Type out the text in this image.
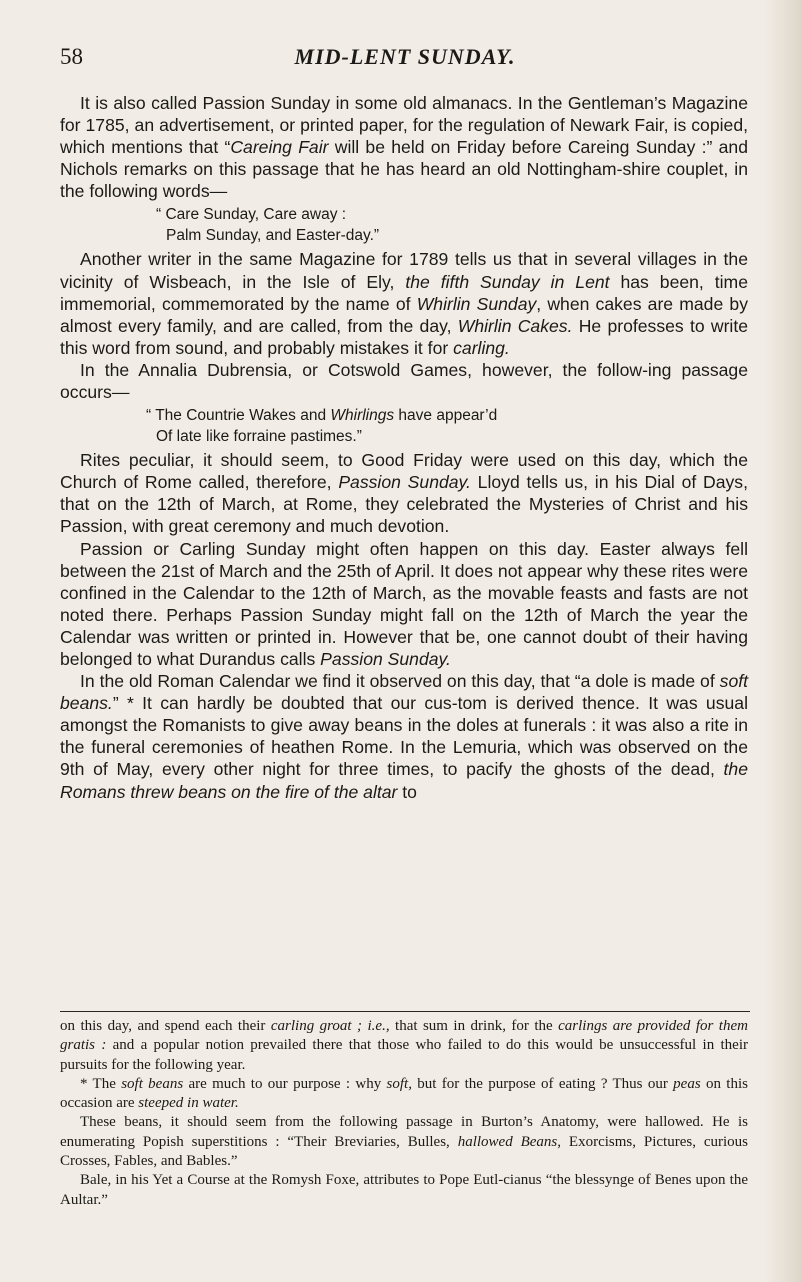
58	MID-LENT SUNDAY.

It is also called Passion Sunday in some old almanacs. In the Gentleman’s Magazine for 1785, an advertisement, or printed paper, for the regulation of Newark Fair, is copied, which mentions that “Careing Fair will be held on Friday before Careing Sunday :” and Nichols remarks on this passage that he has heard an old Nottingham-shire couplet, in the following words—

“ Care Sunday, Care away :
Palm Sunday, and Easter-day.”

Another writer in the same Magazine for 1789 tells us that in several villages in the vicinity of Wisbeach, in the Isle of Ely, the fifth Sunday in Lent has been, time immemorial, commemorated by the name of Whirlin Sunday, when cakes are made by almost every family, and are called, from the day, Whirlin Cakes. He professes to write this word from sound, and probably mistakes it for carling.

In the Annalia Dubrensia, or Cotswold Games, however, the follow-ing passage occurs—

“ The Countrie Wakes and Whirlings have appear’d
Of late like forraine pastimes.”

Rites peculiar, it should seem, to Good Friday were used on this day, which the Church of Rome called, therefore, Passion Sunday. Lloyd tells us, in his Dial of Days, that on the 12th of March, at Rome, they celebrated the Mysteries of Christ and his Passion, with great ceremony and much devotion.

Passion or Carling Sunday might often happen on this day. Easter always fell between the 21st of March and the 25th of April. It does not appear why these rites were confined in the Calendar to the 12th of March, as the movable feasts and fasts are not noted there. Perhaps Passion Sunday might fall on the 12th of March the year the Calendar was written or printed in. However that be, one cannot doubt of their having belonged to what Durandus calls Passion Sunday.

In the old Roman Calendar we find it observed on this day, that “a dole is made of soft beans.” * It can hardly be doubted that our cus-tom is derived thence. It was usual amongst the Romanists to give away beans in the doles at funerals : it was also a rite in the funeral ceremonies of heathen Rome. In the Lemuria, which was observed on the 9th of May, every other night for three times, to pacify the ghosts of the dead, the Romans threw beans on the fire of the altar to

on this day, and spend each their carling groat ; i.e., that sum in drink, for the carlings are provided for them gratis : and a popular notion prevailed there that those who failed to do this would be unsuccessful in their pursuits for the following year.

* The soft beans are much to our purpose : why soft, but for the purpose of eating ? Thus our peas on this occasion are steeped in water.

These beans, it should seem from the following passage in Burton’s Anatomy, were hallowed. He is enumerating Popish superstitions : “Their Breviaries, Bulles, hallowed Beans, Exorcisms, Pictures, curious Crosses, Fables, and Bables.”

Bale, in his Yet a Course at the Romysh Foxe, attributes to Pope Eutl-cianus “the blessynge of Benes upon the Aultar.”
